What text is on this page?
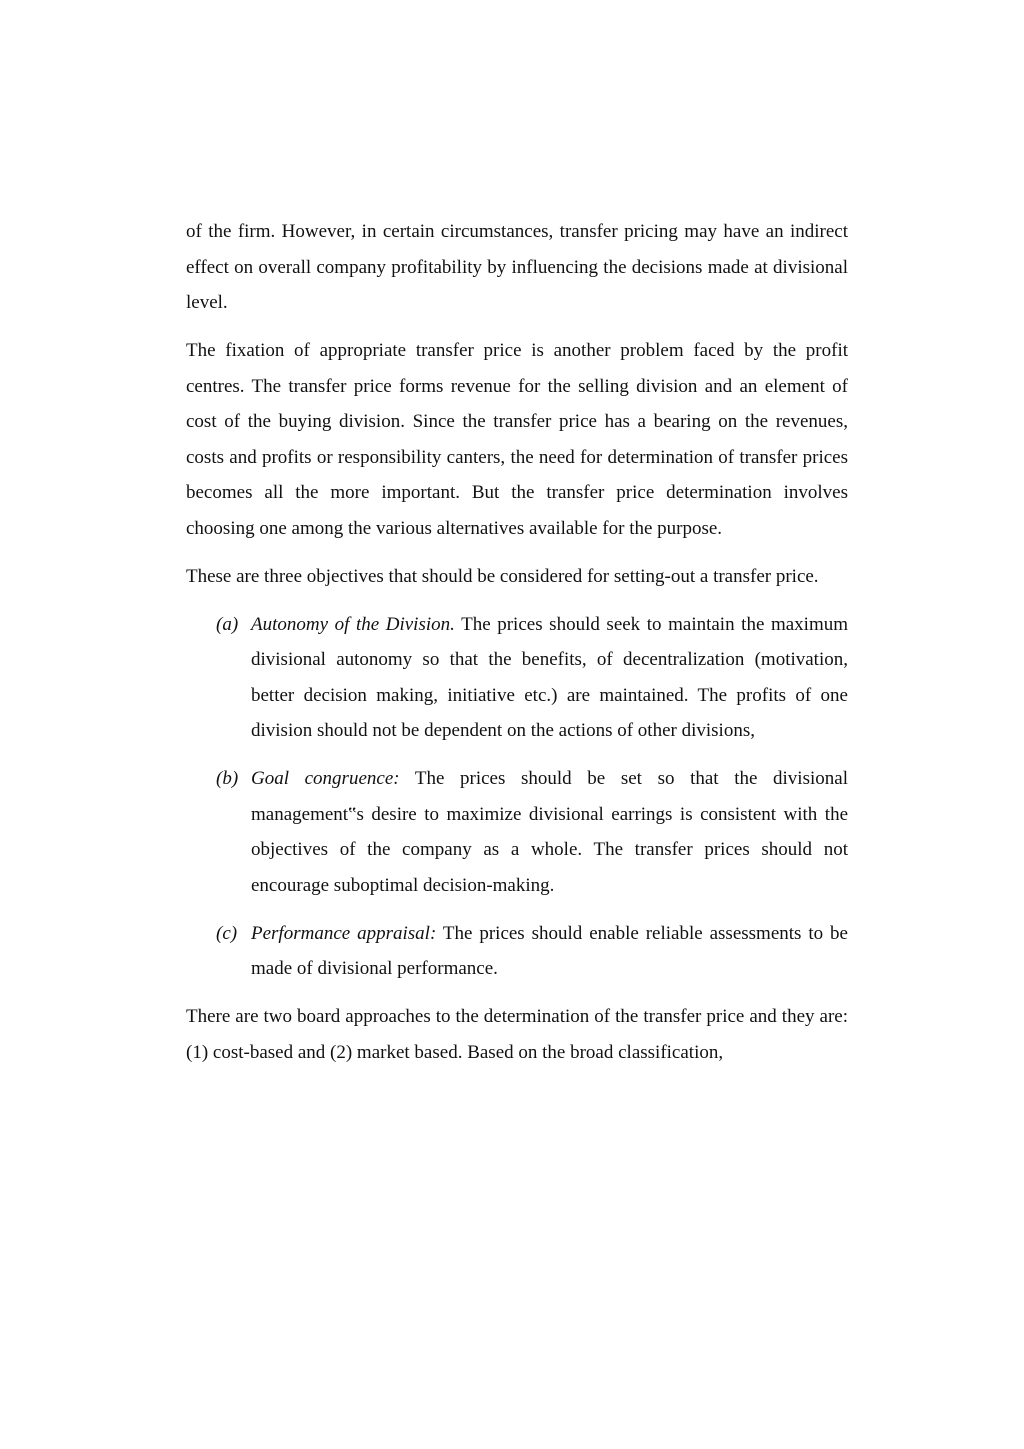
of the firm. However, in certain circumstances, transfer pricing may have an indirect effect on overall company profitability by influencing the decisions made at divisional level.

The fixation of appropriate transfer price is another problem faced by the profit centres. The transfer price forms revenue for the selling division and an element of cost of the buying division. Since the transfer price has a bearing on the revenues, costs and profits or responsibility canters, the need for determination of transfer prices becomes all the more important. But the transfer price determination involves choosing one among the various alternatives available for the purpose.

These are three objectives that should be considered for setting-out a transfer price.

(a) Autonomy of the Division. The prices should seek to maintain the maximum divisional autonomy so that the benefits, of decentralization (motivation, better decision making, initiative etc.) are maintained. The profits of one division should not be dependent on the actions of other divisions,
(b) Goal congruence: The prices should be set so that the divisional management‟s desire to maximize divisional earrings is consistent with the objectives of the company as a whole. The transfer prices should not encourage suboptimal decision-making.
(c) Performance appraisal: The prices should enable reliable assessments to be made of divisional performance.

There are two board approaches to the determination of the transfer price and they are: (1) cost-based and (2) market based. Based on the broad classification,
